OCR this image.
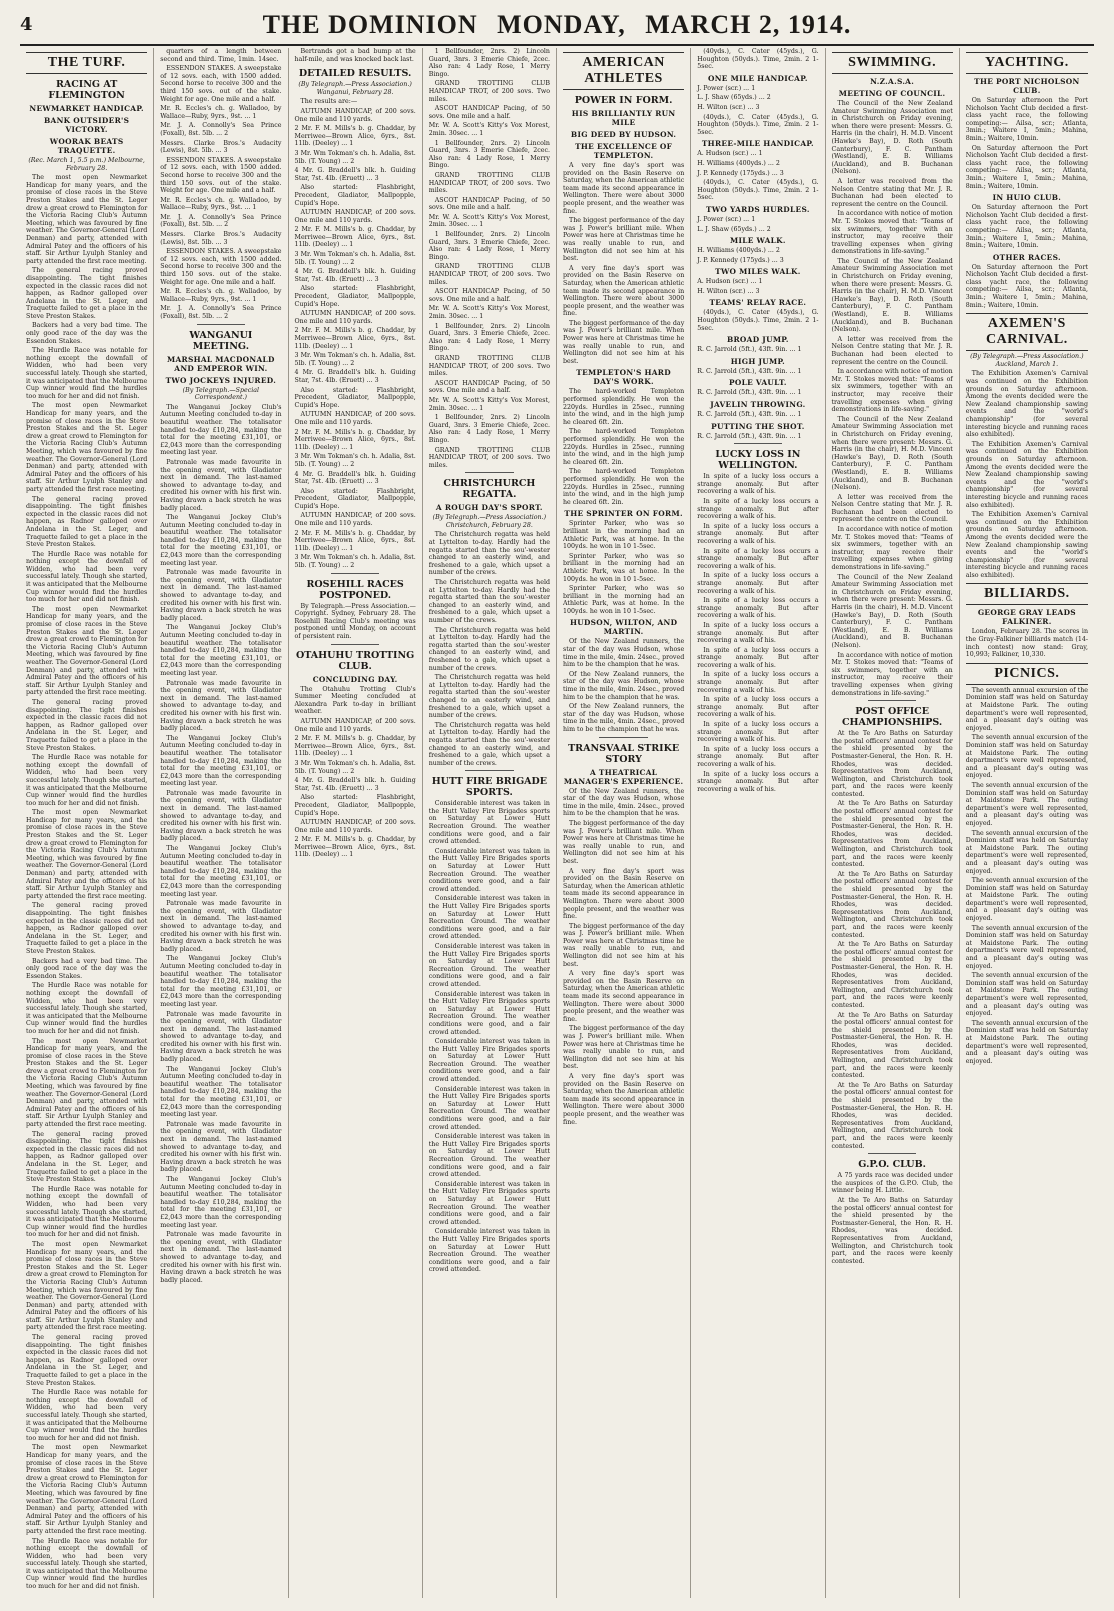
4	THE DOMINION MONDAY, MARCH 2, 1914.
THE TURF.
RACING AT FLEMINGTON
NEWMARKET HANDICAP.
BANK OUTSIDER'S VICTORY.
WOORAK BEATS TRAQUETTE.
(Rec. March 1, 5.5 p.m.) Melbourne, February 28.

The most open Newmarket Handicap for many years, and the promise of close races in the Steve Preston Stakes and the St. Leger drew a great crowd to Flemington for the Victoria Racing Club's Autumn Meeting, which was favoured by fine weather. The Governor-General (Lord Denman) and party, attended with Admiral Patey and the officers of his staff. Sir Arthur Lyulph Stanley and party attended the first race meeting.

The general racing proved disappointing. The tight finishes expected in the classic races did not happen, as Radnor galloped over Andelana in the St. Leger, and Traquette failed to get a place in the Steve Preston Stakes.

Backers had a very bad time. The only good race of the day was the Essendon Stakes.

The Hurdle Race was notable for nothing except the downfall of Widden, who had been very successful lately. Though she started, it was anticipated that the Melbourne Cup winner would find the hurdles too much for her and did not finish.

The most open Newmarket Handicap for many years, and the promise of close races in the Steve Preston Stakes and the St. Leger drew a great crowd to Flemington for the Victoria Racing Club's Autumn Meeting, which was favoured by fine weather. The Governor-General (Lord Denman) and party, attended with Admiral Patey and the officers of his staff. Sir Arthur Lyulph Stanley and party attended the first race meeting.

The general racing proved disappointing. The tight finishes expected in the classic races did not happen, as Radnor galloped over Andelana in the St. Leger, and Traquette failed to get a place in the Steve Preston Stakes.

The Hurdle Race was notable for nothing except the downfall of Widden, who had been very successful lately. Though she started, it was anticipated that the Melbourne Cup winner would find the hurdles too much for her and did not finish.

The most open Newmarket Handicap for many years, and the promise of close races in the Steve Preston Stakes and the St. Leger drew a great crowd to Flemington for the Victoria Racing Club's Autumn Meeting, which was favoured by fine weather. The Governor-General (Lord Denman) and party, attended with Admiral Patey and the officers of his staff. Sir Arthur Lyulph Stanley and party attended the first race meeting.

The general racing proved disappointing. The tight finishes expected in the classic races did not happen, as Radnor galloped over Andelana in the St. Leger, and Traquette failed to get a place in the Steve Preston Stakes.

The Hurdle Race was notable for nothing except the downfall of Widden, who had been very successful lately. Though she started, it was anticipated that the Melbourne Cup winner would find the hurdles too much for her and did not finish.

The most open Newmarket Handicap for many years, and the promise of close races in the Steve Preston Stakes and the St. Leger drew a great crowd to Flemington for the Victoria Racing Club's Autumn Meeting, which was favoured by fine weather. The Governor-General (Lord Denman) and party, attended with Admiral Patey and the officers of his staff. Sir Arthur Lyulph Stanley and party attended the first race meeting.

The general racing proved disappointing. The tight finishes expected in the classic races did not happen, as Radnor galloped over Andelana in the St. Leger, and Traquette failed to get a place in the Steve Preston Stakes.

Backers had a very bad time. The only good race of the day was the Essendon Stakes.

The Hurdle Race was notable for nothing except the downfall of Widden, who had been very successful lately. Though she started, it was anticipated that the Melbourne Cup winner would find the hurdles too much for her and did not finish.

The most open Newmarket Handicap for many years, and the promise of close races in the Steve Preston Stakes and the St. Leger drew a great crowd to Flemington for the Victoria Racing Club's Autumn Meeting, which was favoured by fine weather. The Governor-General (Lord Denman) and party, attended with Admiral Patey and the officers of his staff. Sir Arthur Lyulph Stanley and party attended the first race meeting.

The general racing proved disappointing. The tight finishes expected in the classic races did not happen, as Radnor galloped over Andelana in the St. Leger, and Traquette failed to get a place in the Steve Preston Stakes.

The Hurdle Race was notable for nothing except the downfall of Widden, who had been very successful lately. Though she started, it was anticipated that the Melbourne Cup winner would find the hurdles too much for her and did not finish.

The most open Newmarket Handicap for many years, and the promise of close races in the Steve Preston Stakes and the St. Leger drew a great crowd to Flemington for the Victoria Racing Club's Autumn Meeting, which was favoured by fine weather. The Governor-General (Lord Denman) and party, attended with Admiral Patey and the officers of his staff. Sir Arthur Lyulph Stanley and party attended the first race meeting.

The general racing proved disappointing. The tight finishes expected in the classic races did not happen, as Radnor galloped over Andelana in the St. Leger, and Traquette failed to get a place in the Steve Preston Stakes.

The Hurdle Race was notable for nothing except the downfall of Widden, who had been very successful lately. Though she started, it was anticipated that the Melbourne Cup winner would find the hurdles too much for her and did not finish.

The most open Newmarket Handicap for many years, and the promise of close races in the Steve Preston Stakes and the St. Leger drew a great crowd to Flemington for the Victoria Racing Club's Autumn Meeting, which was favoured by fine weather. The Governor-General (Lord Denman) and party, attended with Admiral Patey and the officers of his staff. Sir Arthur Lyulph Stanley and party attended the first race meeting.

The Hurdle Race was notable for nothing except the downfall of Widden, who had been very successful lately. Though she started, it was anticipated that the Melbourne Cup winner would find the hurdles too much for her and did not finish.

quarters of a length between second and third. Time, 1min. 14sec.

ESSENDON STAKES. A sweepstake of 12 sovs. each, with 1500 added. Second horse to receive 300 and the third 150 sovs. out of the stake. Weight for age. One mile and a half.

Mr. R. Eccles's ch. g. Walladoo, by Wallace—Ruby, 9yrs., 9st. ... 1

Mr. J. A. Connolly's Sea Prince (Foxall), 8st. 5lb. ... 2

Messrs. Clarke Bros.'s Audacity (Lewis), 8st. 5lb. ... 3

ESSENDON STAKES. A sweepstake of 12 sovs. each, with 1500 added. Second horse to receive 300 and the third 150 sovs. out of the stake. Weight for age. One mile and a half.

Mr. R. Eccles's ch. g. Walladoo, by Wallace—Ruby, 9yrs., 9st. ... 1

Mr. J. A. Connolly's Sea Prince (Foxall), 8st. 5lb. ... 2

Messrs. Clarke Bros.'s Audacity (Lewis), 8st. 5lb. ... 3

ESSENDON STAKES. A sweepstake of 12 sovs. each, with 1500 added. Second horse to receive 300 and the third 150 sovs. out of the stake. Weight for age. One mile and a half.

Mr. R. Eccles's ch. g. Walladoo, by Wallace—Ruby, 9yrs., 9st. ... 1

Mr. J. A. Connolly's Sea Prince (Foxall), 8st. 5lb. ... 2

WANGANUI MEETING.
MARSHAL MACDONALD AND EMPEROR WIN.
TWO JOCKEYS INJURED.
(By Telegraph.—Special Correspondent.)

The Wanganui Jockey Club's Autumn Meeting concluded to-day in beautiful weather. The totalisator handled to-day £10,284, making the total for the meeting £31,101, or £2,043 more than the corresponding meeting last year.

Patronale was made favourite in the opening event, with Gladiator next in demand. The last-named showed to advantage to-day, and credited his owner with his first win. Having drawn a back stretch he was badly placed.

The Wanganui Jockey Club's Autumn Meeting concluded to-day in beautiful weather. The totalisator handled to-day £10,284, making the total for the meeting £31,101, or £2,043 more than the corresponding meeting last year.

Patronale was made favourite in the opening event, with Gladiator next in demand. The last-named showed to advantage to-day, and credited his owner with his first win. Having drawn a back stretch he was badly placed.

The Wanganui Jockey Club's Autumn Meeting concluded to-day in beautiful weather. The totalisator handled to-day £10,284, making the total for the meeting £31,101, or £2,043 more than the corresponding meeting last year.

Patronale was made favourite in the opening event, with Gladiator next in demand. The last-named showed to advantage to-day, and credited his owner with his first win. Having drawn a back stretch he was badly placed.

The Wanganui Jockey Club's Autumn Meeting concluded to-day in beautiful weather. The totalisator handled to-day £10,284, making the total for the meeting £31,101, or £2,043 more than the corresponding meeting last year.

Patronale was made favourite in the opening event, with Gladiator next in demand. The last-named showed to advantage to-day, and credited his owner with his first win. Having drawn a back stretch he was badly placed.

The Wanganui Jockey Club's Autumn Meeting concluded to-day in beautiful weather. The totalisator handled to-day £10,284, making the total for the meeting £31,101, or £2,043 more than the corresponding meeting last year.

Patronale was made favourite in the opening event, with Gladiator next in demand. The last-named showed to advantage to-day, and credited his owner with his first win. Having drawn a back stretch he was badly placed.

The Wanganui Jockey Club's Autumn Meeting concluded to-day in beautiful weather. The totalisator handled to-day £10,284, making the total for the meeting £31,101, or £2,043 more than the corresponding meeting last year.

Patronale was made favourite in the opening event, with Gladiator next in demand. The last-named showed to advantage to-day, and credited his owner with his first win. Having drawn a back stretch he was badly placed.

The Wanganui Jockey Club's Autumn Meeting concluded to-day in beautiful weather. The totalisator handled to-day £10,284, making the total for the meeting £31,101, or £2,043 more than the corresponding meeting last year.

Patronale was made favourite in the opening event, with Gladiator next in demand. The last-named showed to advantage to-day, and credited his owner with his first win. Having drawn a back stretch he was badly placed.

The Wanganui Jockey Club's Autumn Meeting concluded to-day in beautiful weather. The totalisator handled to-day £10,284, making the total for the meeting £31,101, or £2,043 more than the corresponding meeting last year.

Patronale was made favourite in the opening event, with Gladiator next in demand. The last-named showed to advantage to-day, and credited his owner with his first win. Having drawn a back stretch he was badly placed.

Bertrands got a bad bump at the half-mile, and was knocked back last.

DETAILED RESULTS.
(By Telegraph.—Press Association.) Wanganui, February 28.

The results are:—

AUTUMN HANDICAP, of 200 sovs. One mile and 110 yards.

2 Mr. F. M. Mills's b. g. Chaddar, by Merriwee—Brown Alice, 6yrs., 8st. 11lb. (Deeley) ... 1

3 Mr. Wm Tokman's ch. h. Adalia, 8st. 5lb. (T. Young) ... 2

4 Mr. G. Braddell's blk. h. Guiding Star, 7st. 4lb. (Eruett) ... 3

Also started: Flashbright, Precedent, Gladiator, Mallpopple, Cupid's Hope.

AUTUMN HANDICAP, of 200 sovs. One mile and 110 yards.

2 Mr. F. M. Mills's b. g. Chaddar, by Merriwee—Brown Alice, 6yrs., 8st. 11lb. (Deeley) ... 1

3 Mr. Wm Tokman's ch. h. Adalia, 8st. 5lb. (T. Young) ... 2

4 Mr. G. Braddell's blk. h. Guiding Star, 7st. 4lb. (Eruett) ... 3

Also started: Flashbright, Precedent, Gladiator, Mallpopple, Cupid's Hope.

AUTUMN HANDICAP, of 200 sovs. One mile and 110 yards.

2 Mr. F. M. Mills's b. g. Chaddar, by Merriwee—Brown Alice, 6yrs., 8st. 11lb. (Deeley) ... 1

3 Mr. Wm Tokman's ch. h. Adalia, 8st. 5lb. (T. Young) ... 2

4 Mr. G. Braddell's blk. h. Guiding Star, 7st. 4lb. (Eruett) ... 3

Also started: Flashbright, Precedent, Gladiator, Mallpopple, Cupid's Hope.

AUTUMN HANDICAP, of 200 sovs. One mile and 110 yards.

2 Mr. F. M. Mills's b. g. Chaddar, by Merriwee—Brown Alice, 6yrs., 8st. 11lb. (Deeley) ... 1

3 Mr. Wm Tokman's ch. h. Adalia, 8st. 5lb. (T. Young) ... 2

4 Mr. G. Braddell's blk. h. Guiding Star, 7st. 4lb. (Eruett) ... 3

Also started: Flashbright, Precedent, Gladiator, Mallpopple, Cupid's Hope.

AUTUMN HANDICAP, of 200 sovs. One mile and 110 yards.

2 Mr. F. M. Mills's b. g. Chaddar, by Merriwee—Brown Alice, 6yrs., 8st. 11lb. (Deeley) ... 1

3 Mr. Wm Tokman's ch. h. Adalia, 8st. 5lb. (T. Young) ... 2

ROSEHILL RACES POSTPONED.

By Telegraph.—Press Association.—Copyright. Sydney, February 28. The Rosehill Racing Club's meeting was postponed until Monday, on account of persistent rain.

OTAHUHU TROTTING CLUB.
CONCLUDING DAY.

The Otahuhu Trotting Club's Summer Meeting concluded at Alexandra Park to-day in brilliant weather.

AUTUMN HANDICAP, of 200 sovs. One mile and 110 yards.

2 Mr. F. M. Mills's b. g. Chaddar, by Merriwee—Brown Alice, 6yrs., 8st. 11lb. (Deeley) ... 1

3 Mr. Wm Tokman's ch. h. Adalia, 8st. 5lb. (T. Young) ... 2

4 Mr. G. Braddell's blk. h. Guiding Star, 7st. 4lb. (Eruett) ... 3

Also started: Flashbright, Precedent, Gladiator, Mallpopple, Cupid's Hope.

AUTUMN HANDICAP, of 200 sovs. One mile and 110 yards.

2 Mr. F. M. Mills's b. g. Chaddar, by Merriwee—Brown Alice, 6yrs., 8st. 11lb. (Deeley) ... 1

1 Bellfounder, 2nrs. 2) Lincoln Guard, 3nrs. 3 Emerie Chiefe, 2cec. Also ran: 4 Lady Rose, 1 Merry Bingo.

GRAND TROTTING CLUB HANDICAP TROT, of 200 sovs. Two miles.

ASCOT HANDICAP Pacing, of 50 sovs. One mile and a half.

Mr. W. A. Scott's Kitty's Vox Morest, 2min. 30sec. ... 1

1 Bellfounder, 2nrs. 2) Lincoln Guard, 3nrs. 3 Emerie Chiefe, 2cec. Also ran: 4 Lady Rose, 1 Merry Bingo.

GRAND TROTTING CLUB HANDICAP TROT, of 200 sovs. Two miles.

ASCOT HANDICAP Pacing, of 50 sovs. One mile and a half.

Mr. W. A. Scott's Kitty's Vox Morest, 2min. 30sec. ... 1

1 Bellfounder, 2nrs. 2) Lincoln Guard, 3nrs. 3 Emerie Chiefe, 2cec. Also ran: 4 Lady Rose, 1 Merry Bingo.

GRAND TROTTING CLUB HANDICAP TROT, of 200 sovs. Two miles.

ASCOT HANDICAP Pacing, of 50 sovs. One mile and a half.

Mr. W. A. Scott's Kitty's Vox Morest, 2min. 30sec. ... 1

1 Bellfounder, 2nrs. 2) Lincoln Guard, 3nrs. 3 Emerie Chiefe, 2cec. Also ran: 4 Lady Rose, 1 Merry Bingo.

GRAND TROTTING CLUB HANDICAP TROT, of 200 sovs. Two miles.

ASCOT HANDICAP Pacing, of 50 sovs. One mile and a half.

Mr. W. A. Scott's Kitty's Vox Morest, 2min. 30sec. ... 1

1 Bellfounder, 2nrs. 2) Lincoln Guard, 3nrs. 3 Emerie Chiefe, 2cec. Also ran: 4 Lady Rose, 1 Merry Bingo.

GRAND TROTTING CLUB HANDICAP TROT, of 200 sovs. Two miles.

CHRISTCHURCH REGATTA.
A ROUGH DAY'S SPORT.
(By Telegraph.—Press Association.) Christchurch, February 28.

The Christchurch regatta was held at Lyttelton to-day. Hardly had the regatta started than the sou'-wester changed to an easterly wind, and freshened to a gale, which upset a number of the crews.

The Christchurch regatta was held at Lyttelton to-day. Hardly had the regatta started than the sou'-wester changed to an easterly wind, and freshened to a gale, which upset a number of the crews.

The Christchurch regatta was held at Lyttelton to-day. Hardly had the regatta started than the sou'-wester changed to an easterly wind, and freshened to a gale, which upset a number of the crews.

The Christchurch regatta was held at Lyttelton to-day. Hardly had the regatta started than the sou'-wester changed to an easterly wind, and freshened to a gale, which upset a number of the crews.

The Christchurch regatta was held at Lyttelton to-day. Hardly had the regatta started than the sou'-wester changed to an easterly wind, and freshened to a gale, which upset a number of the crews.

HUTT FIRE BRIGADE SPORTS.

Considerable interest was taken in the Hutt Valley Fire Brigades sports on Saturday at Lower Hutt Recreation Ground. The weather conditions were good, and a fair crowd attended.

Considerable interest was taken in the Hutt Valley Fire Brigades sports on Saturday at Lower Hutt Recreation Ground. The weather conditions were good, and a fair crowd attended.

Considerable interest was taken in the Hutt Valley Fire Brigades sports on Saturday at Lower Hutt Recreation Ground. The weather conditions were good, and a fair crowd attended.

Considerable interest was taken in the Hutt Valley Fire Brigades sports on Saturday at Lower Hutt Recreation Ground. The weather conditions were good, and a fair crowd attended.

Considerable interest was taken in the Hutt Valley Fire Brigades sports on Saturday at Lower Hutt Recreation Ground. The weather conditions were good, and a fair crowd attended.

Considerable interest was taken in the Hutt Valley Fire Brigades sports on Saturday at Lower Hutt Recreation Ground. The weather conditions were good, and a fair crowd attended.

Considerable interest was taken in the Hutt Valley Fire Brigades sports on Saturday at Lower Hutt Recreation Ground. The weather conditions were good, and a fair crowd attended.

Considerable interest was taken in the Hutt Valley Fire Brigades sports on Saturday at Lower Hutt Recreation Ground. The weather conditions were good, and a fair crowd attended.

Considerable interest was taken in the Hutt Valley Fire Brigades sports on Saturday at Lower Hutt Recreation Ground. The weather conditions were good, and a fair crowd attended.

Considerable interest was taken in the Hutt Valley Fire Brigades sports on Saturday at Lower Hutt Recreation Ground. The weather conditions were good, and a fair crowd attended.

AMERICAN ATHLETES
POWER IN FORM.
HIS BRILLIANTLY RUN MILE
BIG DEED BY HUDSON.
THE EXCELLENCE OF TEMPLETON.

A very fine day's sport was provided on the Basin Reserve on Saturday, when the American athletic team made its second appearance in Wellington. There were about 3000 people present, and the weather was fine.

The biggest performance of the day was J. Power's brilliant mile. When Power was here at Christmas time he was really unable to run, and Wellington did not see him at his best.

A very fine day's sport was provided on the Basin Reserve on Saturday, when the American athletic team made its second appearance in Wellington. There were about 3000 people present, and the weather was fine.

The biggest performance of the day was J. Power's brilliant mile. When Power was here at Christmas time he was really unable to run, and Wellington did not see him at his best.

TEMPLETON'S HARD DAY'S WORK.

The hard-worked Templeton performed splendidly. He won the 220yds. Hurdles in 25sec., running into the wind, and in the high jump he cleared 6ft. 2in.

The hard-worked Templeton performed splendidly. He won the 220yds. Hurdles in 25sec., running into the wind, and in the high jump he cleared 6ft. 2in.

The hard-worked Templeton performed splendidly. He won the 220yds. Hurdles in 25sec., running into the wind, and in the high jump he cleared 6ft. 2in.

THE SPRINTER ON FORM.

Sprinter Parker, who was so brilliant in the morning had an Athletic Park, was at home. In the 100yds. he won in 10 1-5sec.

Sprinter Parker, who was so brilliant in the morning had an Athletic Park, was at home. In the 100yds. he won in 10 1-5sec.

Sprinter Parker, who was so brilliant in the morning had an Athletic Park, was at home. In the 100yds. he won in 10 1-5sec.

HUDSON, WILTON, AND MARTIN.

Of the New Zealand runners, the star of the day was Hudson, whose time in the mile, 4min. 24sec., proved him to be the champion that he was.

Of the New Zealand runners, the star of the day was Hudson, whose time in the mile, 4min. 24sec., proved him to be the champion that he was.

Of the New Zealand runners, the star of the day was Hudson, whose time in the mile, 4min. 24sec., proved him to be the champion that he was.

TRANSVAAL STRIKE STORY
A THEATRICAL MANAGER'S EXPERIENCE.

Of the New Zealand runners, the star of the day was Hudson, whose time in the mile, 4min. 24sec., proved him to be the champion that he was.

The biggest performance of the day was J. Power's brilliant mile. When Power was here at Christmas time he was really unable to run, and Wellington did not see him at his best.

A very fine day's sport was provided on the Basin Reserve on Saturday, when the American athletic team made its second appearance in Wellington. There were about 3000 people present, and the weather was fine.

The biggest performance of the day was J. Power's brilliant mile. When Power was here at Christmas time he was really unable to run, and Wellington did not see him at his best.

A very fine day's sport was provided on the Basin Reserve on Saturday, when the American athletic team made its second appearance in Wellington. There were about 3000 people present, and the weather was fine.

The biggest performance of the day was J. Power's brilliant mile. When Power was here at Christmas time he was really unable to run, and Wellington did not see him at his best.

A very fine day's sport was provided on the Basin Reserve on Saturday, when the American athletic team made its second appearance in Wellington. There were about 3000 people present, and the weather was fine.

(40yds.), C. Cater (45yds.), G. Houghton (50yds.). Time, 2min. 2 1-5sec.

ONE MILE HANDICAP.

J. Power (scr.) ... 1

L. J. Shaw (65yds.) ... 2

H. Wilton (scr.) ... 3

(40yds.), C. Cater (45yds.), G. Houghton (50yds.). Time, 2min. 2 1-5sec.

THREE-MILE HANDICAP.

A. Hudson (scr.) ... 1

H. Williams (400yds.) ... 2

J. P. Kennedy (175yds.) ... 3

(40yds.), C. Cater (45yds.), G. Houghton (50yds.). Time, 2min. 2 1-5sec.

TWO YARDS HURDLES.

J. Power (scr.) ... 1

L. J. Shaw (65yds.) ... 2

MILE WALK.

H. Williams (400yds.) ... 2

J. P. Kennedy (175yds.) ... 3

TWO MILES WALK.

A. Hudson (scr.) ... 1

H. Wilton (scr.) ... 3

TEAMS' RELAY RACE.

(40yds.), C. Cater (45yds.), G. Houghton (50yds.). Time, 2min. 2 1-5sec.

BROAD JUMP.

R. C. Jarrold (5ft.), 43ft. 9in. ... 1

HIGH JUMP.

R. C. Jarrold (5ft.), 43ft. 9in. ... 1

POLE VAULT.

R. C. Jarrold (5ft.), 43ft. 9in. ... 1

JAVELIN THROWING.

R. C. Jarrold (5ft.), 43ft. 9in. ... 1

PUTTING THE SHOT.

R. C. Jarrold (5ft.), 43ft. 9in. ... 1

LUCKY LOSS IN WELLINGTON.

In spite of a lucky loss occurs a strange anomaly. But after recovering a walk of his.

In spite of a lucky loss occurs a strange anomaly. But after recovering a walk of his.

In spite of a lucky loss occurs a strange anomaly. But after recovering a walk of his.

In spite of a lucky loss occurs a strange anomaly. But after recovering a walk of his.

In spite of a lucky loss occurs a strange anomaly. But after recovering a walk of his.

In spite of a lucky loss occurs a strange anomaly. But after recovering a walk of his.

In spite of a lucky loss occurs a strange anomaly. But after recovering a walk of his.

In spite of a lucky loss occurs a strange anomaly. But after recovering a walk of his.

In spite of a lucky loss occurs a strange anomaly. But after recovering a walk of his.

In spite of a lucky loss occurs a strange anomaly. But after recovering a walk of his.

In spite of a lucky loss occurs a strange anomaly. But after recovering a walk of his.

In spite of a lucky loss occurs a strange anomaly. But after recovering a walk of his.

In spite of a lucky loss occurs a strange anomaly. But after recovering a walk of his.

SWIMMING.
N.Z.A.S.A.
MEETING OF COUNCIL.

The Council of the New Zealand Amateur Swimming Association met in Christchurch on Friday evening, when there were present: Messrs. G. Harris (in the chair), H. M.D. Vincent (Hawke's Bay), D. Roth (South Canterbury), F. C. Pantham (Westland), E. B. Williams (Auckland), and B. Buchanan (Nelson).

A letter was received from the Nelson Centre stating that Mr. J. R. Buchanan had been elected to represent the centre on the Council.

In accordance with notice of motion Mr. T. Stokes moved that: "Teams of six swimmers, together with an instructor, may receive their travelling expenses when giving demonstrations in life-saving."

The Council of the New Zealand Amateur Swimming Association met in Christchurch on Friday evening, when there were present: Messrs. G. Harris (in the chair), H. M.D. Vincent (Hawke's Bay), D. Roth (South Canterbury), F. C. Pantham (Westland), E. B. Williams (Auckland), and B. Buchanan (Nelson).

A letter was received from the Nelson Centre stating that Mr. J. R. Buchanan had been elected to represent the centre on the Council.

In accordance with notice of motion Mr. T. Stokes moved that: "Teams of six swimmers, together with an instructor, may receive their travelling expenses when giving demonstrations in life-saving."

The Council of the New Zealand Amateur Swimming Association met in Christchurch on Friday evening, when there were present: Messrs. G. Harris (in the chair), H. M.D. Vincent (Hawke's Bay), D. Roth (South Canterbury), F. C. Pantham (Westland), E. B. Williams (Auckland), and B. Buchanan (Nelson).

A letter was received from the Nelson Centre stating that Mr. J. R. Buchanan had been elected to represent the centre on the Council.

In accordance with notice of motion Mr. T. Stokes moved that: "Teams of six swimmers, together with an instructor, may receive their travelling expenses when giving demonstrations in life-saving."

The Council of the New Zealand Amateur Swimming Association met in Christchurch on Friday evening, when there were present: Messrs. G. Harris (in the chair), H. M.D. Vincent (Hawke's Bay), D. Roth (South Canterbury), F. C. Pantham (Westland), E. B. Williams (Auckland), and B. Buchanan (Nelson).

In accordance with notice of motion Mr. T. Stokes moved that: "Teams of six swimmers, together with an instructor, may receive their travelling expenses when giving demonstrations in life-saving."

POST OFFICE CHAMPIONSHIPS.

At the Te Aro Baths on Saturday the postal officers' annual contest for the shield presented by the Postmaster-General, the Hon. R. H. Rhodes, was decided. Representatives from Auckland, Wellington, and Christchurch took part, and the races were keenly contested.

At the Te Aro Baths on Saturday the postal officers' annual contest for the shield presented by the Postmaster-General, the Hon. R. H. Rhodes, was decided. Representatives from Auckland, Wellington, and Christchurch took part, and the races were keenly contested.

At the Te Aro Baths on Saturday the postal officers' annual contest for the shield presented by the Postmaster-General, the Hon. R. H. Rhodes, was decided. Representatives from Auckland, Wellington, and Christchurch took part, and the races were keenly contested.

At the Te Aro Baths on Saturday the postal officers' annual contest for the shield presented by the Postmaster-General, the Hon. R. H. Rhodes, was decided. Representatives from Auckland, Wellington, and Christchurch took part, and the races were keenly contested.

At the Te Aro Baths on Saturday the postal officers' annual contest for the shield presented by the Postmaster-General, the Hon. R. H. Rhodes, was decided. Representatives from Auckland, Wellington, and Christchurch took part, and the races were keenly contested.

At the Te Aro Baths on Saturday the postal officers' annual contest for the shield presented by the Postmaster-General, the Hon. R. H. Rhodes, was decided. Representatives from Auckland, Wellington, and Christchurch took part, and the races were keenly contested.

G.P.O. CLUB.

A 75 yards race was decided under the auspices of the G.P.O. Club, the winner being H. Little.

At the Te Aro Baths on Saturday the postal officers' annual contest for the shield presented by the Postmaster-General, the Hon. R. H. Rhodes, was decided. Representatives from Auckland, Wellington, and Christchurch took part, and the races were keenly contested.

YACHTING.
THE PORT NICHOLSON CLUB.

On Saturday afternoon the Port Nicholson Yacht Club decided a first-class yacht race, the following competing:— Ailsa, scr.; Atlanta, 3min.; Waitere I, 5min.; Mahina, 8min.; Waitere, 10min.

On Saturday afternoon the Port Nicholson Yacht Club decided a first-class yacht race, the following competing:— Ailsa, scr.; Atlanta, 3min.; Waitere I, 5min.; Mahina, 8min.; Waitere, 10min.

IN HUIO CLUB.

On Saturday afternoon the Port Nicholson Yacht Club decided a first-class yacht race, the following competing:— Ailsa, scr.; Atlanta, 3min.; Waitere I, 5min.; Mahina, 8min.; Waitere, 10min.

OTHER RACES.

On Saturday afternoon the Port Nicholson Yacht Club decided a first-class yacht race, the following competing:— Ailsa, scr.; Atlanta, 3min.; Waitere I, 5min.; Mahina, 8min.; Waitere, 10min.

AXEMEN'S CARNIVAL.
(By Telegraph.—Press Association.) Auckland, March 1.

The Exhibition Axemen's Carnival was continued on the Exhibition grounds on Saturday afternoon. Among the events decided were the New Zealand championship sawing events and the "world's championship" (for several interesting bicycle and running races also exhibited).

The Exhibition Axemen's Carnival was continued on the Exhibition grounds on Saturday afternoon. Among the events decided were the New Zealand championship sawing events and the "world's championship" (for several interesting bicycle and running races also exhibited).

The Exhibition Axemen's Carnival was continued on the Exhibition grounds on Saturday afternoon. Among the events decided were the New Zealand championship sawing events and the "world's championship" (for several interesting bicycle and running races also exhibited).

BILLIARDS.
GEORGE GRAY LEADS FALKINER.

London, February 28. The scores in the Gray-Falkiner billiards match (14-inch contest) now stand: Gray, 10,993; Falkiner, 10,330.

PICNICS.

The seventh annual excursion of the Dominion staff was held on Saturday at Maidstone Park. The outing department's were well represented, and a pleasant day's outing was enjoyed.

The seventh annual excursion of the Dominion staff was held on Saturday at Maidstone Park. The outing department's were well represented, and a pleasant day's outing was enjoyed.

The seventh annual excursion of the Dominion staff was held on Saturday at Maidstone Park. The outing department's were well represented, and a pleasant day's outing was enjoyed.

The seventh annual excursion of the Dominion staff was held on Saturday at Maidstone Park. The outing department's were well represented, and a pleasant day's outing was enjoyed.

The seventh annual excursion of the Dominion staff was held on Saturday at Maidstone Park. The outing department's were well represented, and a pleasant day's outing was enjoyed.

The seventh annual excursion of the Dominion staff was held on Saturday at Maidstone Park. The outing department's were well represented, and a pleasant day's outing was enjoyed.

The seventh annual excursion of the Dominion staff was held on Saturday at Maidstone Park. The outing department's were well represented, and a pleasant day's outing was enjoyed.

The seventh annual excursion of the Dominion staff was held on Saturday at Maidstone Park. The outing department's were well represented, and a pleasant day's outing was enjoyed.
